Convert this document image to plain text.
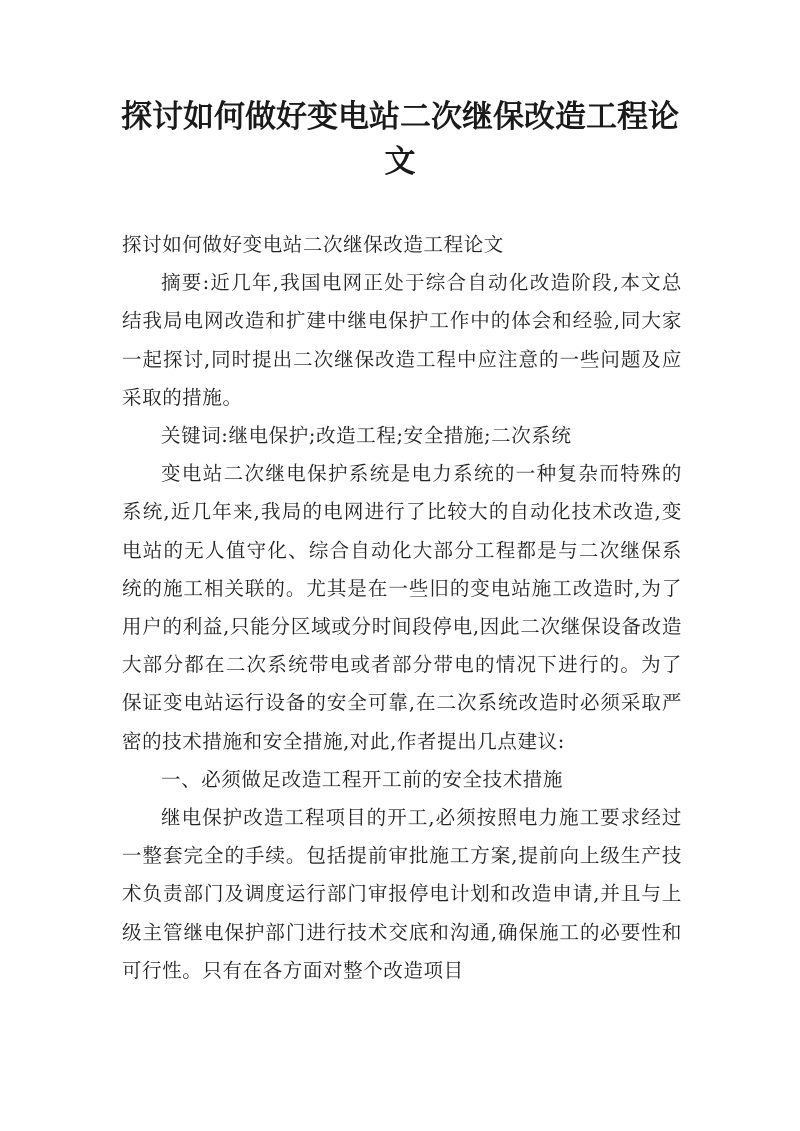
探讨如何做好变电站二次继保改造工程论
文

探讨如何做好变电站二次继保改造工程论文

摘要:近几年,我国电网正处于综合自动化改造阶段,本文总结我局电网改造和扩建中继电保护工作中的体会和经验,同大家一起探讨,同时提出二次继保改造工程中应注意的一些问题及应采取的措施。

关键词:继电保护;改造工程;安全措施;二次系统

变电站二次继电保护系统是电力系统的一种复杂而特殊的系统,近几年来,我局的电网进行了比较大的自动化技术改造,变电站的无人值守化、综合自动化大部分工程都是与二次继保系统的施工相关联的。尤其是在一些旧的变电站施工改造时,为了用户的利益,只能分区域或分时间段停电,因此二次继保设备改造大部分都在二次系统带电或者部分带电的情况下进行的。为了保证变电站运行设备的安全可靠,在二次系统改造时必须采取严密的技术措施和安全措施,对此,作者提出几点建议:

一、必须做足改造工程开工前的安全技术措施

继电保护改造工程项目的开工,必须按照电力施工要求经过一整套完全的手续。包括提前审批施工方案,提前向上级生产技术负责部门及调度运行部门审报停电计划和改造申请,并且与上级主管继电保护部门进行技术交底和沟通,确保施工的必要性和可行性。只有在各方面对整个改造项目
